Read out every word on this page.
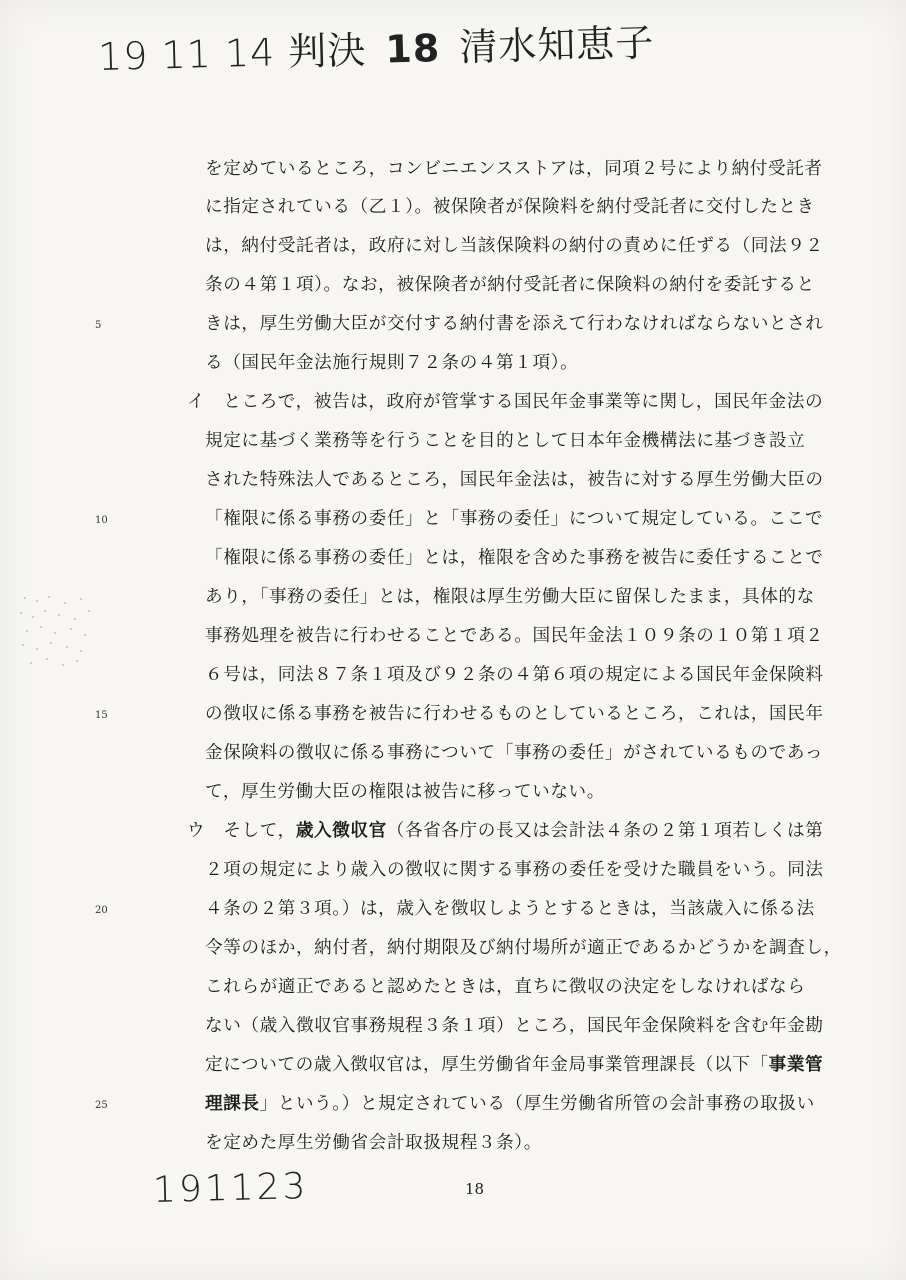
19 11 14 判決 18 清水知恵子
を定めているところ，コンビニエンスストアは，同項２号により納付受託者
に指定されている（乙１）。被保険者が保険料を納付受託者に交付したとき
は，納付受託者は，政府に対し当該保険料の納付の責めに任ずる（同法９２
条の４第１項）。なお，被保険者が納付受託者に保険料の納付を委託すると
きは，厚生労働大臣が交付する納付書を添えて行わなければならないとされ
る（国民年金法施行規則７２条の４第１項）。
イ　ところで，被告は，政府が管掌する国民年金事業等に関し，国民年金法の
規定に基づく業務等を行うことを目的として日本年金機構法に基づき設立
された特殊法人であるところ，国民年金法は，被告に対する厚生労働大臣の
「権限に係る事務の委任」と「事務の委任」について規定している。ここで
「権限に係る事務の委任」とは，権限を含めた事務を被告に委任することで
あり，「事務の委任」とは，権限は厚生労働大臣に留保したまま，具体的な
事務処理を被告に行わせることである。国民年金法１０９条の１０第１項２
６号は，同法８７条１項及び９２条の４第６項の規定による国民年金保険料
の徴収に係る事務を被告に行わせるものとしているところ，これは，国民年
金保険料の徴収に係る事務について「事務の委任」がされているものであっ
て，厚生労働大臣の権限は被告に移っていない。
ウ　そして，歳入徴収官（各省各庁の長又は会計法４条の２第１項若しくは第
２項の規定により歳入の徴収に関する事務の委任を受けた職員をいう。同法
４条の２第３項。）は，歳入を徴収しようとするときは，当該歳入に係る法
令等のほか，納付者，納付期限及び納付場所が適正であるかどうかを調査し，
これらが適正であると認めたときは，直ちに徴収の決定をしなければなら
ない（歳入徴収官事務規程３条１項）ところ，国民年金保険料を含む年金勘
定についての歳入徴収官は，厚生労働省年金局事業管理課長（以下「事業管
理課長」という。）と規定されている（厚生労働省所管の会計事務の取扱い
を定めた厚生労働省会計取扱規程３条）。
5
10
15
20
25
191123	18
